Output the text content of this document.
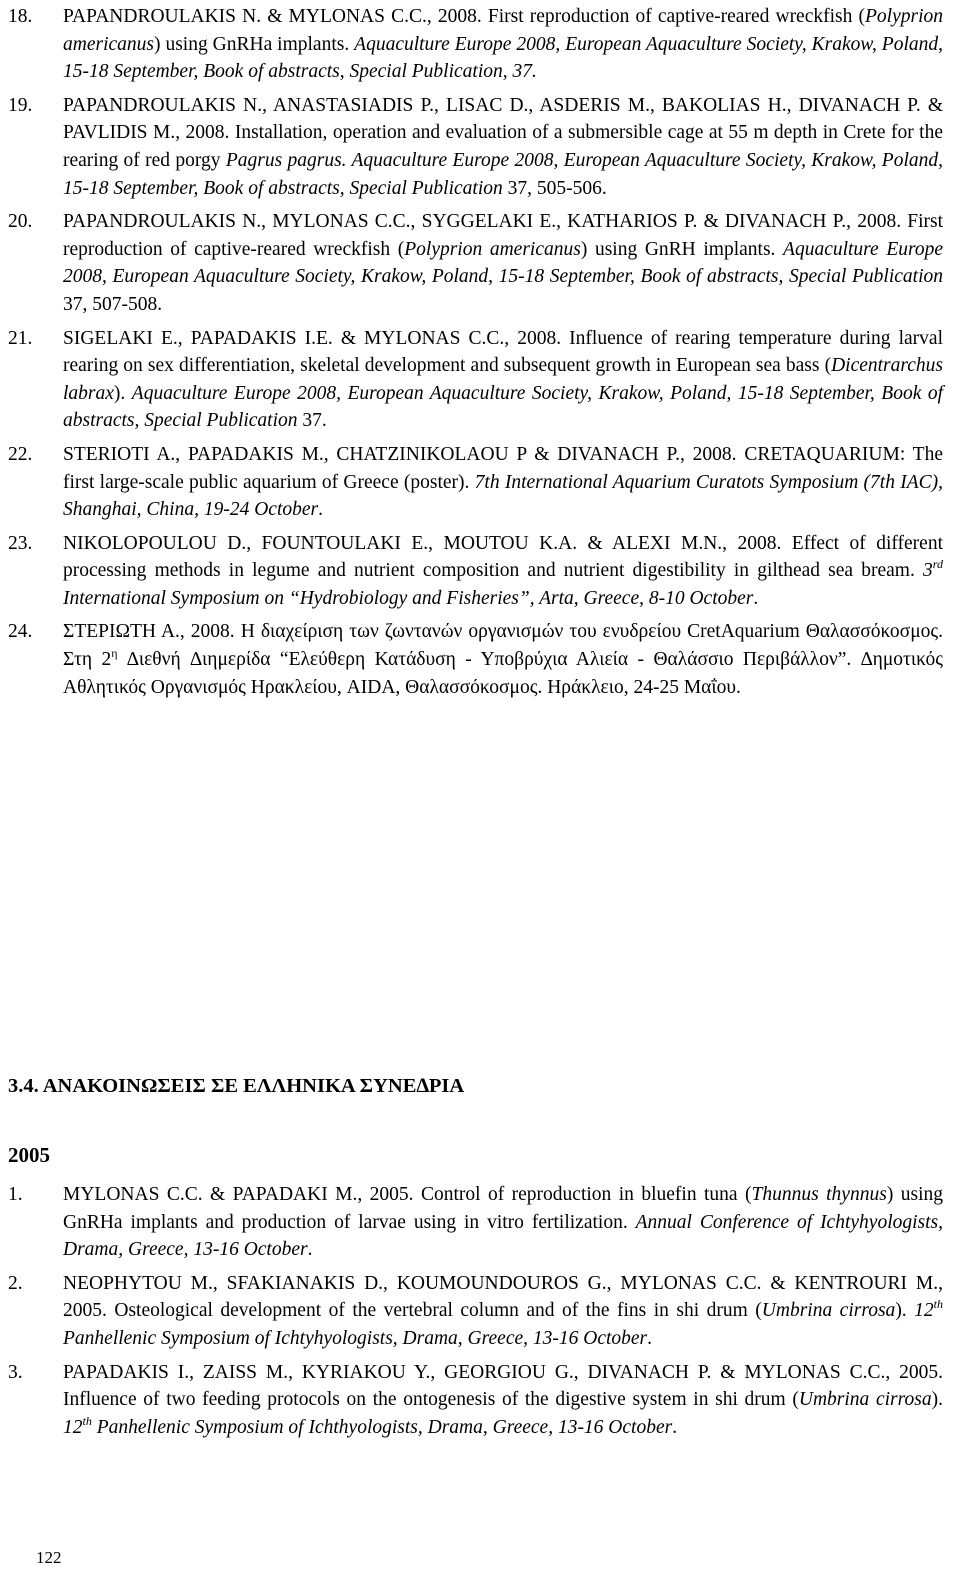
18. PAPANDROULAKIS N. & MYLONAS C.C., 2008. First reproduction of captive-reared wreckfish (Polyprion americanus) using GnRHa implants. Aquaculture Europe 2008, European Aquaculture Society, Krakow, Poland, 15-18 September, Book of abstracts, Special Publication, 37.
19. PAPANDROULAKIS N., ANASTASIADIS P., LISAC D., ASDERIS M., BAKOLIAS H., DIVANACH P. & PAVLIDIS M., 2008. Installation, operation and evaluation of a submersible cage at 55 m depth in Crete for the rearing of red porgy Pagrus pagrus. Aquaculture Europe 2008, European Aquaculture Society, Krakow, Poland, 15-18 September, Book of abstracts, Special Publication 37, 505-506.
20. PAPANDROULAKIS N., MYLONAS C.C., SYGGELAKI E., KATHARIOS P. & DIVANACH P., 2008. First reproduction of captive-reared wreckfish (Polyprion americanus) using GnRH implants. Aquaculture Europe 2008, European Aquaculture Society, Krakow, Poland, 15-18 September, Book of abstracts, Special Publication 37, 507-508.
21. SIGELAKI E., PAPADAKIS I.E. & MYLONAS C.C., 2008. Influence of rearing temperature during larval rearing on sex differentiation, skeletal development and subsequent growth in European sea bass (Dicentrarchus labrax). Aquaculture Europe 2008, European Aquaculture Society, Krakow, Poland, 15-18 September, Book of abstracts, Special Publication 37.
22. STERIOTI A., PAPADAKIS M., CHATZINIKOLAOU P & DIVANACH P., 2008. CRETAQUARIUM: The first large-scale public aquarium of Greece (poster). 7th International Aquarium Curatots Symposium (7th IAC), Shanghai, China, 19-24 October.
23. NIKOLOPOULOU D., FOUNTOULAKI E., MOUTOU K.A. & ALEXI M.N., 2008. Effect of different processing methods in legume and nutrient composition and nutrient digestibility in gilthead sea bream. 3rd International Symposium on “Hydrobiology and Fisheries”, Arta, Greece, 8-10 October.
24. ΣΤΕΡΙΩΤΗ Α., 2008. Η διαχείριση των ζωντανών οργανισμών του ενυδρείου CretAquarium Θαλασσόκοσμος. Στη $2^\eta$ ∆ιεθνή ∆ιημερίδα “Ελεύθερη Κατάδυση - Υποβρύχια Αλιεία - Θαλάσσιο Περιβάλλον”. ∆ημοτικός Αθλητικός Οργανισμός Ηρακλείου, AIDA, Θαλασσόκοσμος. Ηράκλειο, 24-25 Μαΐου.
3.4. ΑΝΑΚΟΙΝΩΣΕΙΣ ΣΕ ΕΛΛΗΝΙΚΑ ΣΥΝΕ∆ΡΙΑ
2005
1. MYLONAS C.C. & PAPADAKI M., 2005. Control of reproduction in bluefin tuna (Thunnus thynnus) using GnRHa implants and production of larvae using in vitro fertilization. Annual Conference of Ichtyhyologists, Drama, Greece, 13-16 October.
2. NEOPHYTOU M., SFAKIANAKIS D., KOUMOUNDOUROS G., MYLONAS C.C. & KENTROURI M., 2005. Osteological development of the vertebral column and of the fins in shi drum (Umbrina cirrosa). 12th Panhellenic Symposium of Ichtyhyologists, Drama, Greece, 13-16 October.
3. PAPADAKIS I., ZAISS M., KYRIAKOU Y., GEORGIOU G., DIVANACH P. & MYLONAS C.C., 2005. Influence of two feeding protocols on the ontogenesis of the digestive system in shi drum (Umbrina cirrosa). 12th Panhellenic Symposium of Ichthyologists, Drama, Greece, 13-16 October.
122
